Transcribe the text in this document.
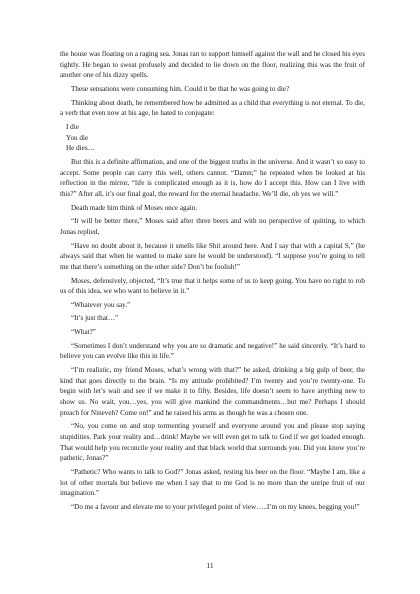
the house was floating on a raging sea. Jonas ran to support himself against the wall and he closed his eyes tightly. He began to sweat profusely and decided to lie down on the floor, realizing this was the fruit of another one of his dizzy spells.

These sensations were consuming him. Could it be that he was going to die?

Thinking about death, he remembered how he admitted as a child that everything is not eternal. To die, a verb that even now at his age, he hated to conjugate:

I die
You die
He dies…

But this is a definite affirmation, and one of the biggest truths in the universe. And it wasn’t so easy to accept. Some people can carry this well, others cannot. “Damn;” he repeated when he looked at his reflection in the mirror, “life is complicated enough as it is, how do I accept this. How can I live with this?” After all, it’s our final goal, the reward for the eternal headache. We’ll die, oh yes we will.”

Death made him think of Moses once again.

“It will be better there,” Moses said after three beers and with no perspective of quitting, to which Jonas replied,

“Have no doubt about it, because it smells like Shit around here. And I say that with a capital S,” (he always said that when he wanted to make sure he would be understood). “I suppose you’re going to tell me that there’s something on the other side? Don’t be foolish!”

Moses, defensively, objected, “It’s true that it helps some of us to keep going. You have no right to rob us of this idea, we who want to believe in it.”

“Whatever you say.”

“It’s just that…”

“What?”

“Sometimes I don’t understand why you are so dramatic and negative!” he said sincerely. “It’s hard to believe you can evolve like this in life.”

“I’m realistic, my friend Moses, what’s wrong with that?” he asked, drinking a big gulp of beer, the kind that goes directly to the brain. “Is my attitude prohibited? I’m twenty and you’re twenty-one. To begin with let’s wait and see if we make it to fifty. Besides, life doesn’t seem to have anything new to show us. No wait, you…yes, you will give mankind the commandments…but me? Perhaps I should preach for Nineveh? Come on!” and he raised his arms as though he was a chosen one.

“No, you come on and stop tormenting yourself and everyone around you and please stop saying stupidities. Park your reality and…drink! Maybe we will even get to talk to God if we get loaded enough. That would help you reconcile your reality and that black world that surrounds you. Did you know you’re pathetic, Jonas?”

“Pathetic? Who wants to talk to God?” Jonas asked, resting his beer on the floor. “Maybe I am, like a lot of other mortals but believe me when I say that to me God is no more than the unripe fruit of our imagination.”

“Do me a favour and elevate me to your privileged point of view…..I’m on my knees, begging you!”

11
